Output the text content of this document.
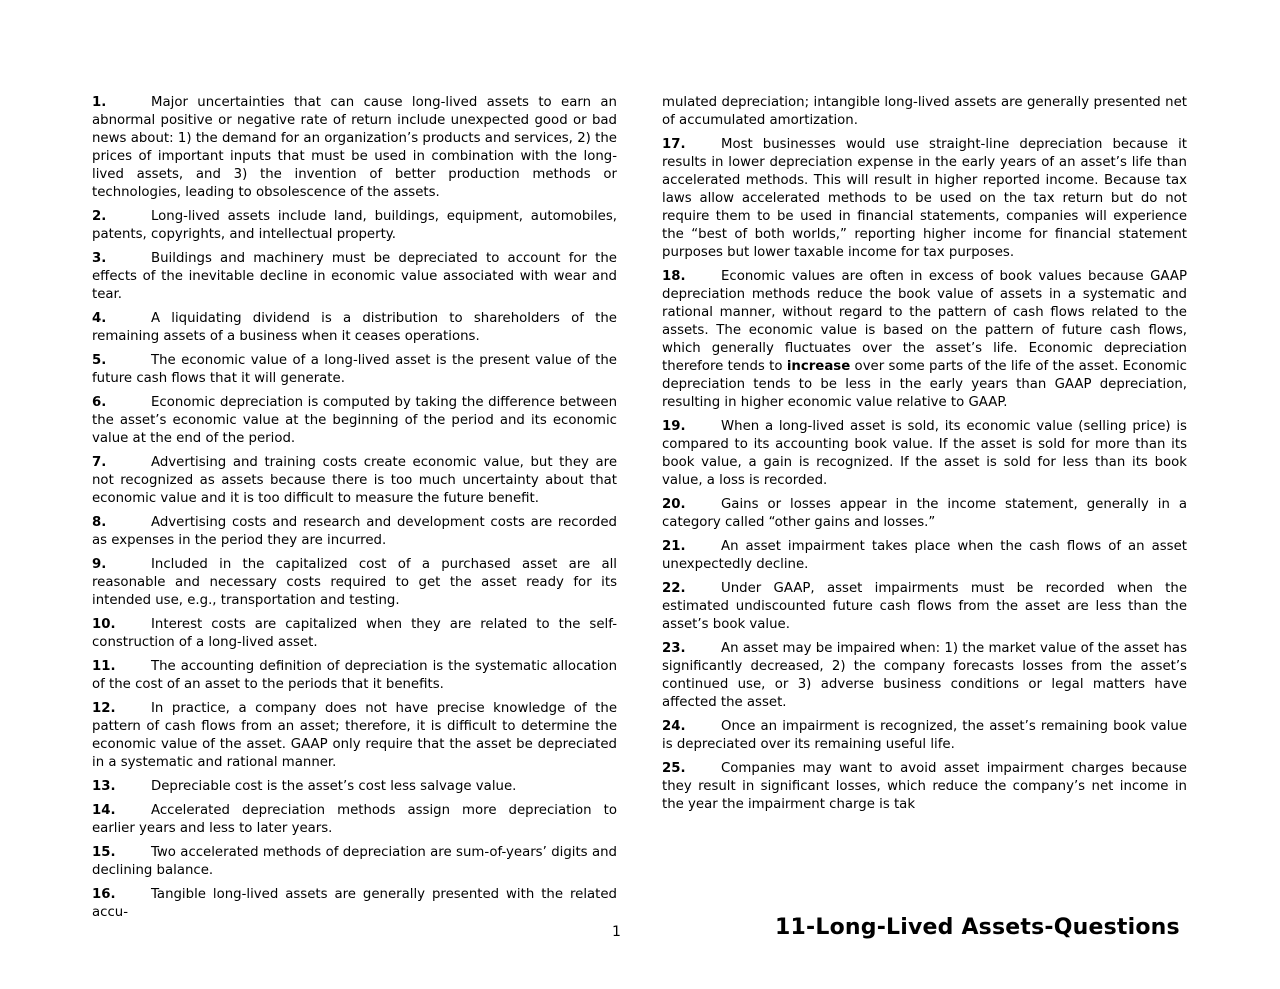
1.	Major uncertainties that can cause long-lived assets to earn an abnormal positive or negative rate of return include unexpected good or bad news about: 1) the demand for an organization’s products and services, 2) the prices of important inputs that must be used in combination with the long-lived assets, and 3) the invention of better production methods or technologies, leading to obsolescence of the assets.

2.	Long-lived assets include land, buildings, equipment, automobiles, patents, copyrights, and intellectual property.

3.	Buildings and machinery must be depreciated to account for the effects of the inevitable decline in economic value associated with wear and tear.

4.	A liquidating dividend is a distribution to shareholders of the remaining assets of a business when it ceases operations.

5.	The economic value of a long-lived asset is the present value of the future cash flows that it will generate.

6.	Economic depreciation is computed by taking the difference between the asset’s economic value at the beginning of the period and its economic value at the end of the period.

7.	Advertising and training costs create economic value, but they are not recognized as assets because there is too much uncertainty about that economic value and it is too difficult to measure the future benefit.

8.	Advertising costs and research and development costs are recorded as expenses in the period they are incurred.

9.	Included in the capitalized cost of a purchased asset are all reasonable and necessary costs required to get the asset ready for its intended use, e.g., transportation and testing.

10.	Interest costs are capitalized when they are related to the self-construction of a long-lived asset.

11.	The accounting definition of depreciation is the systematic allocation of the cost of an asset to the periods that it benefits.

12.	In practice, a company does not have precise knowledge of the pattern of cash flows from an asset; therefore, it is difficult to determine the economic value of the asset. GAAP only require that the asset be depreciated in a systematic and rational manner.

13.	Depreciable cost is the asset’s cost less salvage value.

14.	Accelerated depreciation methods assign more depreciation to earlier years and less to later years.

15.	Two accelerated methods of depreciation are sum-of-years’ digits and declining balance.

16.	Tangible long-lived assets are generally presented with the related accu-

mulated depreciation; intangible long-lived assets are generally presented net of accumulated amortization.

17.	Most businesses would use straight-line depreciation because it results in lower depreciation expense in the early years of an asset’s life than accelerated methods. This will result in higher reported income. Because tax laws allow accelerated methods to be used on the tax return but do not require them to be used in financial statements, companies will experience the “best of both worlds,” reporting higher income for financial statement purposes but lower taxable income for tax purposes.

18.	Economic values are often in excess of book values because GAAP depreciation methods reduce the book value of assets in a systematic and rational manner, without regard to the pattern of cash flows related to the assets. The economic value is based on the pattern of future cash flows, which generally fluctuates over the asset’s life. Economic depreciation therefore tends to increase over some parts of the life of the asset. Economic depreciation tends to be less in the early years than GAAP depreciation, resulting in higher economic value relative to GAAP.

19.	When a long-lived asset is sold, its economic value (selling price) is compared to its accounting book value. If the asset is sold for more than its book value, a gain is recognized. If the asset is sold for less than its book value, a loss is recorded.

20.	Gains or losses appear in the income statement, generally in a category called “other gains and losses.”

21.	An asset impairment takes place when the cash flows of an asset unexpectedly decline.

22.	Under GAAP, asset impairments must be recorded when the estimated undiscounted future cash flows from the asset are less than the asset’s book value.

23.	An asset may be impaired when: 1) the market value of the asset has significantly decreased, 2) the company forecasts losses from the asset’s continued use, or 3) adverse business conditions or legal matters have affected the asset.

24.	Once an impairment is recognized, the asset’s remaining book value is depreciated over its remaining useful life.

25.	Companies may want to avoid asset impairment charges because they result in significant losses, which reduce the company’s net income in the year the impairment charge is tak

1	11-Long-Lived Assets-Questions
